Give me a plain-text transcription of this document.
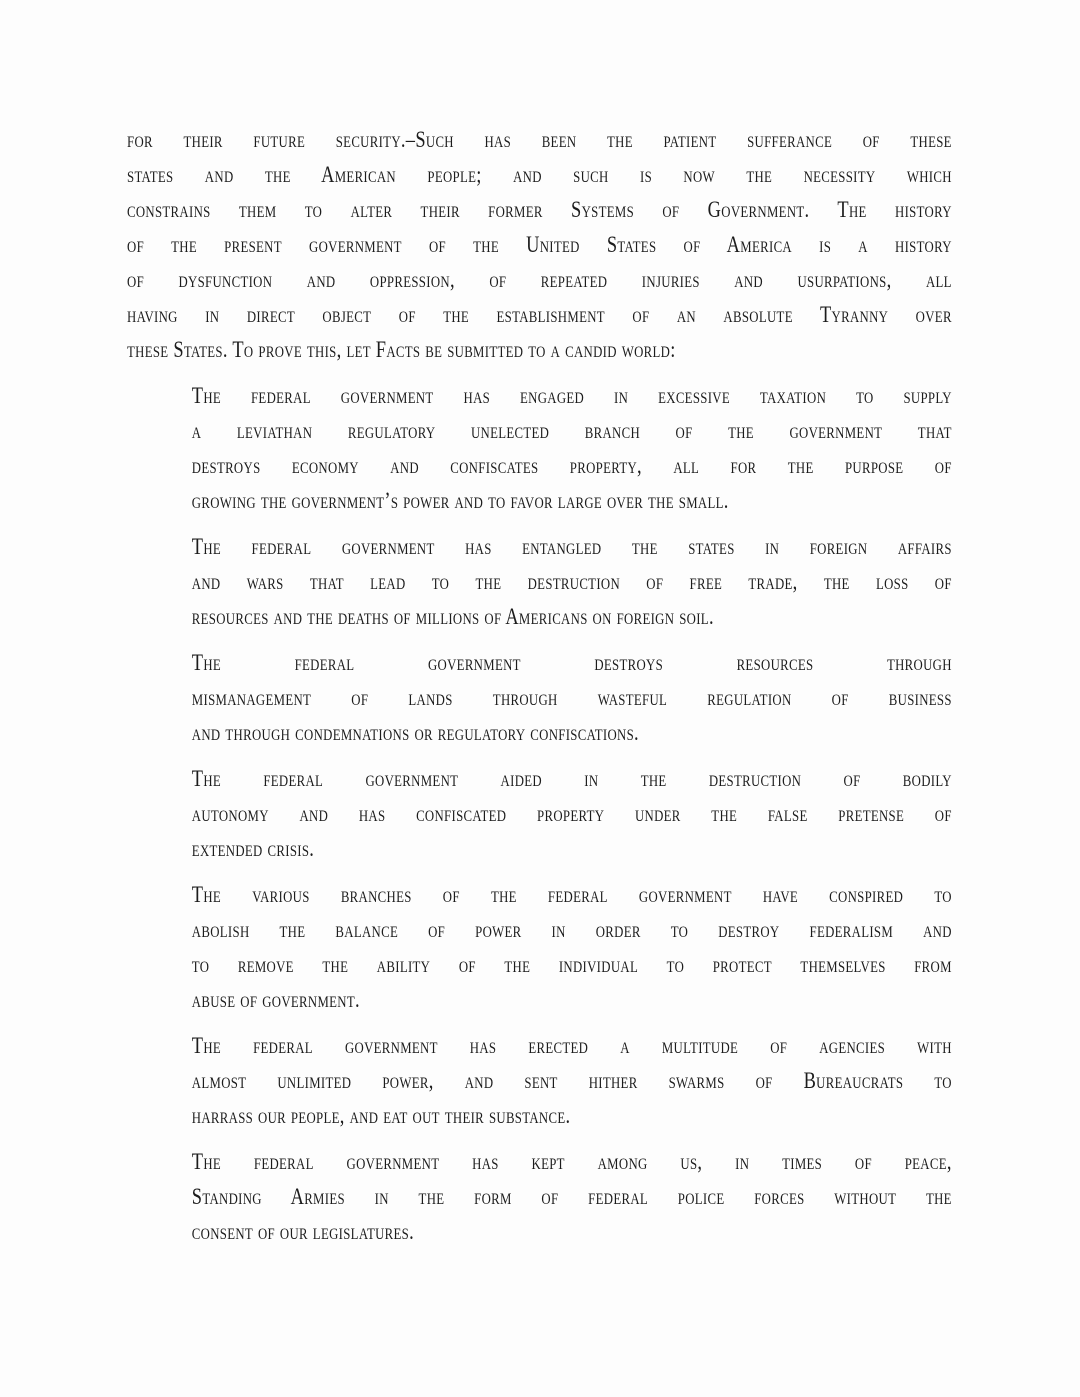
for their future security.–Such has been the patient sufferance of these
states and the American people; and such is now the necessity which
constrains them to alter their former Systems of Government. The history
of the present government of the United States of America is a history
of dysfunction and oppression, of repeated injuries and usurpations, all
having in direct object of the establishment of an absolute Tyranny over
these States. To prove this, let Facts be submitted to a candid world:
The federal government has engaged in excessive taxation to supply
a leviathan regulatory unelected branch of the government that
destroys economy and confiscates property, all for the purpose of
growing the government’s power and to favor large over the small.
The federal government has entangled the states in foreign affairs
and wars that lead to the destruction of free trade, the loss of
resources and the deaths of millions of Americans on foreign soil.
The federal government destroys resources through
mismanagement of lands through wasteful regulation of business
and through condemnations or regulatory confiscations.
The federal government aided in the destruction of bodily
autonomy and has confiscated property under the false pretense of
extended crisis.
The various branches of the federal government have conspired to
abolish the balance of power in order to destroy federalism and
to remove the ability of the individual to protect themselves from
abuse of government.
The federal government has erected a multitude of agencies with
almost unlimited power, and sent hither swarms of Bureaucrats to
harrass our people, and eat out their substance.
The federal government has kept among us, in times of peace,
Standing Armies in the form of federal police forces without the
consent of our legislatures.
